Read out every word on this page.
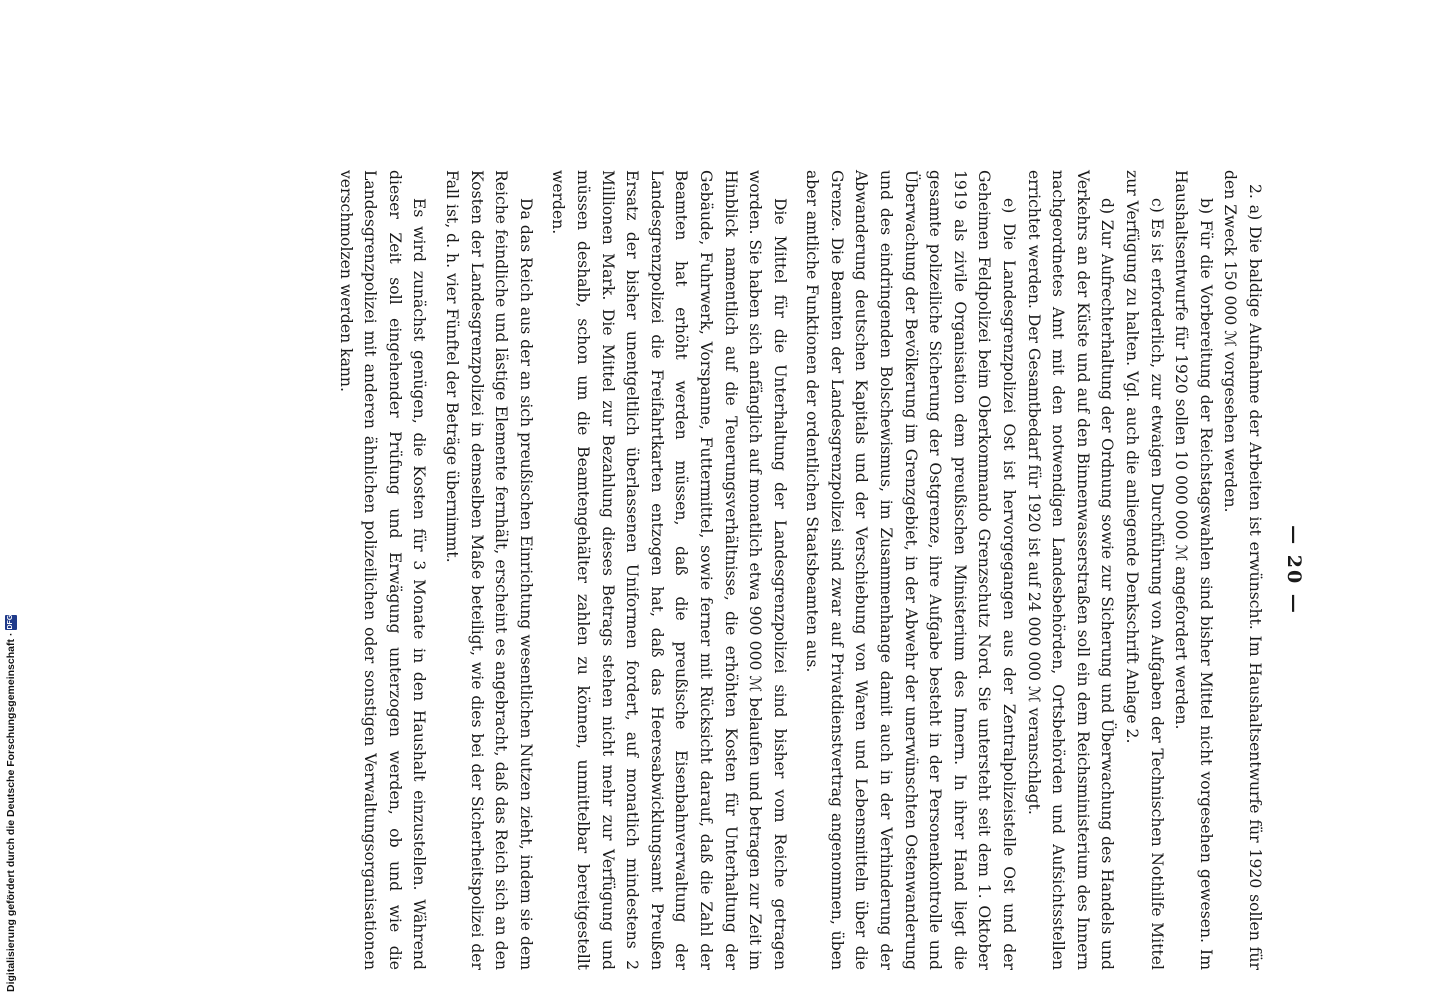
— 20 —

2. a) Die baldige Aufnahme der Arbeiten ist erwünscht. Im Haushaltsentwurfe für 1920 sollen für den Zweck 150 000 ℳ vorgesehen werden.

b) Für die Vorbereitung der Reichstagswahlen sind bisher Mittel nicht vorgesehen gewesen. Im Haushaltsentwurfe für 1920 sollen 10 000 000 ℳ angefordert werden.

c) Es ist erforderlich, zur etwaigen Durchführung von Aufgaben der Technischen Nothilfe Mittel zur Verfügung zu halten. Vgl. auch die anliegende Denkschrift Anlage 2.

d) Zur Aufrechterhaltung der Ordnung sowie zur Sicherung und Überwachung des Handels und Verkehrs an der Küste und auf den Binnenwasserstraßen soll ein dem Reichsministerium des Innern nachgeordnetes Amt mit den notwendigen Landesbehörden, Ortsbehörden und Aufsichtsstellen errichtet werden. Der Gesamtbedarf für 1920 ist auf 24 000 000 ℳ veranschlagt.

e) Die Landesgrenzpolizei Ost ist hervorgegangen aus der Zentralpolizeistelle Ost und der Geheimen Feldpolizei beim Oberkommando Grenzschutz Nord. Sie untersteht seit dem 1. Oktober 1919 als zivile Organisation dem preußischen Ministerium des Innern. In ihrer Hand liegt die gesamte polizeiliche Sicherung der Ostgrenze, ihre Aufgabe besteht in der Personenkontrolle und Überwachung der Bevölkerung im Grenzgebiet, in der Abwehr der unerwünschten Ostenwanderung und des eindringenden Bolschewismus, im Zusammenhange damit auch in der Verhinderung der Abwanderung deutschen Kapitals und der Verschiebung von Waren und Lebensmitteln über die Grenze. Die Beamten der Landesgrenzpolizei sind zwar auf Privatdienstvertrag angenommen, üben aber amtliche Funktionen der ordentlichen Staatsbeamten aus.

Die Mittel für die Unterhaltung der Landesgrenzpolizei sind bisher vom Reiche getragen worden. Sie haben sich anfänglich auf monatlich etwa 900 000 ℳ belaufen und betragen zur Zeit im Hinblick namentlich auf die Teuerungsverhältnisse, die erhöhten Kosten für Unterhaltung der Gebäude, Fuhrwerk, Vorspanne, Futtermittel, sowie ferner mit Rücksicht darauf, daß die Zahl der Beamten hat erhöht werden müssen, daß die preußische Eisenbahnverwaltung der Landesgrenzpolizei die Freifahrtkarten entzogen hat, daß das Heeresabwicklungsamt Preußen Ersatz der bisher unentgeltlich überlassenen Uniformen fordert, auf monatlich mindestens 2 Millionen Mark. Die Mittel zur Bezahlung dieses Betrags stehen nicht mehr zur Verfügung und müssen deshalb, schon um die Beamtengehälter zahlen zu können, unmittelbar bereitgestellt werden.

Da das Reich aus der an sich preußischen Einrichtung wesentlichen Nutzen zieht, indem sie dem Reiche feindliche und lästige Elemente fernhält, erscheint es angebracht, daß das Reich sich an den Kosten der Landesgrenzpolizei in demselben Maße beteiligt, wie dies bei der Sicherheitspolizei der Fall ist, d. h. vier Fünftel der Beträge übernimmt.

Es wird zunächst genügen, die Kosten für 3 Monate in den Haushalt einzustellen. Während dieser Zeit soll eingehender Prüfung und Erwägung unterzogen werden, ob und wie die Landesgrenzpolizei mit anderen ähnlichen polizeilichen oder sonstigen Verwaltungsorganisationen verschmolzen werden kann.

Digitalisierung gefördert durch die Deutsche Forschungsgemeinschaft
·
DFG
